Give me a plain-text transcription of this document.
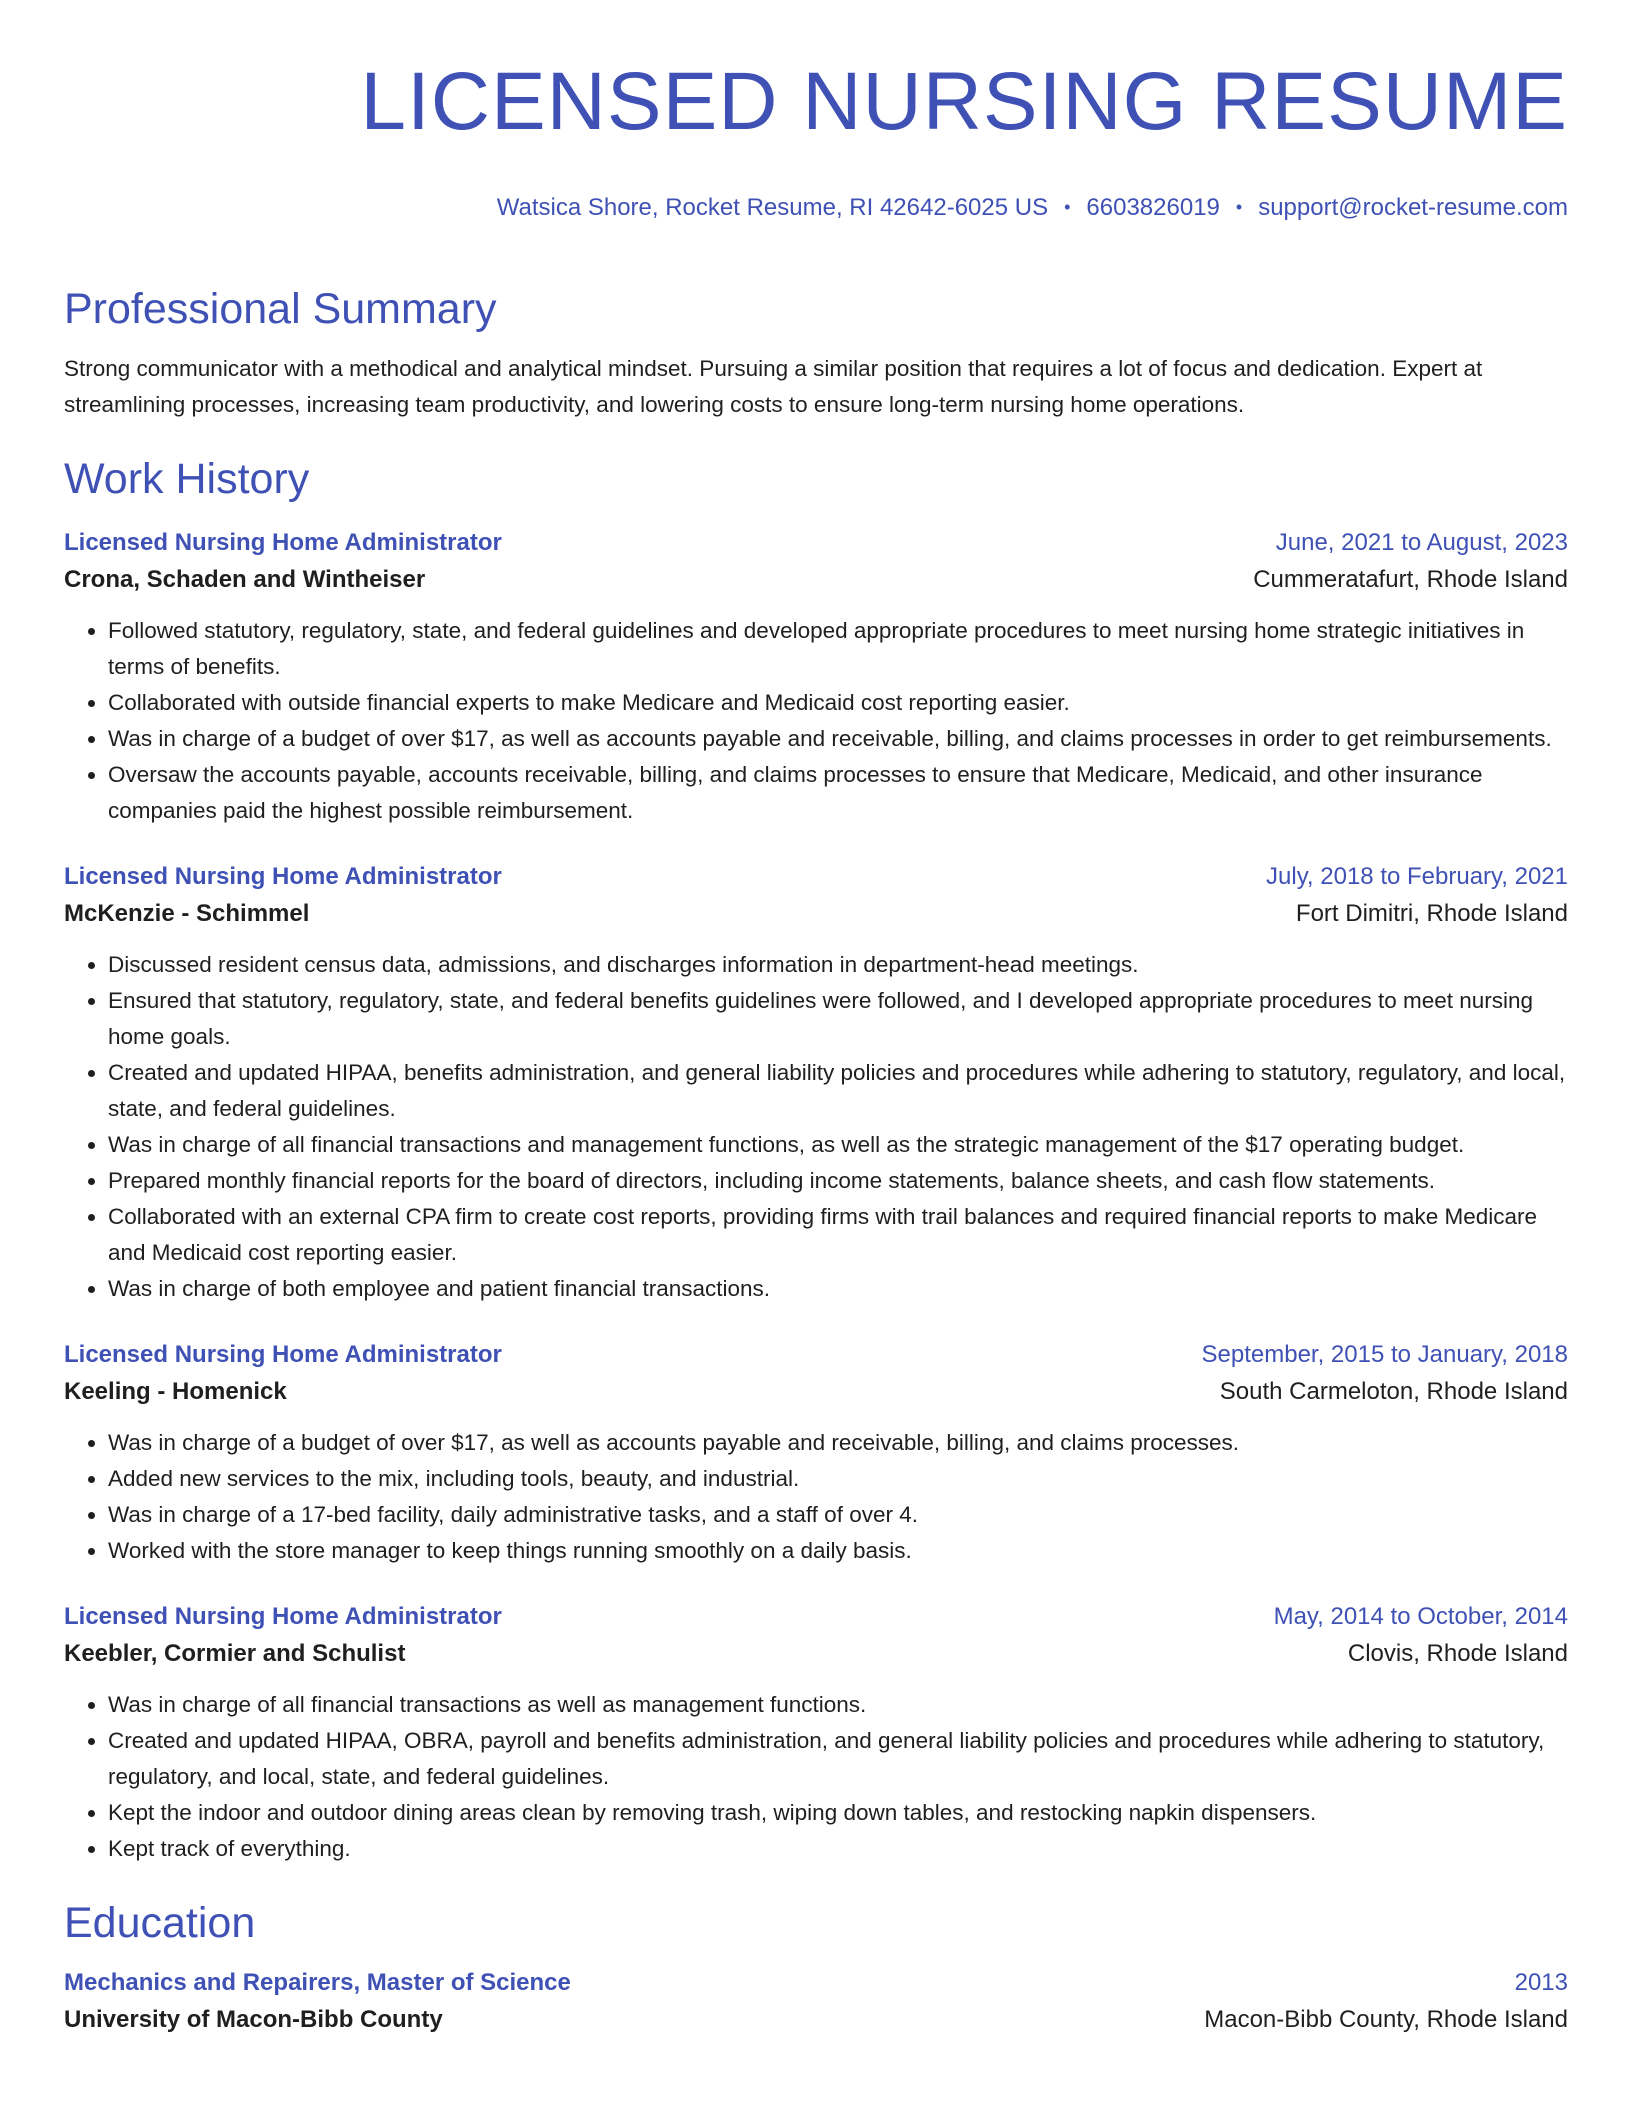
LICENSED NURSING RESUME
Watsica Shore, Rocket Resume, RI 42642-6025 US • 6603826019 • support@rocket-resume.com
Professional Summary
Strong communicator with a methodical and analytical mindset. Pursuing a similar position that requires a lot of focus and dedication. Expert at streamlining processes, increasing team productivity, and lowering costs to ensure long-term nursing home operations.
Work History
Licensed Nursing Home Administrator	June, 2021 to August, 2023
Crona, Schaden and Wintheiser	Cummeratafurt, Rhode Island
• Followed statutory, regulatory, state, and federal guidelines and developed appropriate procedures to meet nursing home strategic initiatives in terms of benefits.
• Collaborated with outside financial experts to make Medicare and Medicaid cost reporting easier.
• Was in charge of a budget of over $17, as well as accounts payable and receivable, billing, and claims processes in order to get reimbursements.
• Oversaw the accounts payable, accounts receivable, billing, and claims processes to ensure that Medicare, Medicaid, and other insurance companies paid the highest possible reimbursement.
Licensed Nursing Home Administrator	July, 2018 to February, 2021
McKenzie - Schimmel	Fort Dimitri, Rhode Island
• Discussed resident census data, admissions, and discharges information in department-head meetings.
• Ensured that statutory, regulatory, state, and federal benefits guidelines were followed, and I developed appropriate procedures to meet nursing home goals.
• Created and updated HIPAA, benefits administration, and general liability policies and procedures while adhering to statutory, regulatory, and local, state, and federal guidelines.
• Was in charge of all financial transactions and management functions, as well as the strategic management of the $17 operating budget.
• Prepared monthly financial reports for the board of directors, including income statements, balance sheets, and cash flow statements.
• Collaborated with an external CPA firm to create cost reports, providing firms with trail balances and required financial reports to make Medicare and Medicaid cost reporting easier.
• Was in charge of both employee and patient financial transactions.
Licensed Nursing Home Administrator	September, 2015 to January, 2018
Keeling - Homenick	South Carmeloton, Rhode Island
• Was in charge of a budget of over $17, as well as accounts payable and receivable, billing, and claims processes.
• Added new services to the mix, including tools, beauty, and industrial.
• Was in charge of a 17-bed facility, daily administrative tasks, and a staff of over 4.
• Worked with the store manager to keep things running smoothly on a daily basis.
Licensed Nursing Home Administrator	May, 2014 to October, 2014
Keebler, Cormier and Schulist	Clovis, Rhode Island
• Was in charge of all financial transactions as well as management functions.
• Created and updated HIPAA, OBRA, payroll and benefits administration, and general liability policies and procedures while adhering to statutory, regulatory, and local, state, and federal guidelines.
• Kept the indoor and outdoor dining areas clean by removing trash, wiping down tables, and restocking napkin dispensers.
• Kept track of everything.
Education
Mechanics and Repairers, Master of Science	2013
University of Macon-Bibb County	Macon-Bibb County, Rhode Island
